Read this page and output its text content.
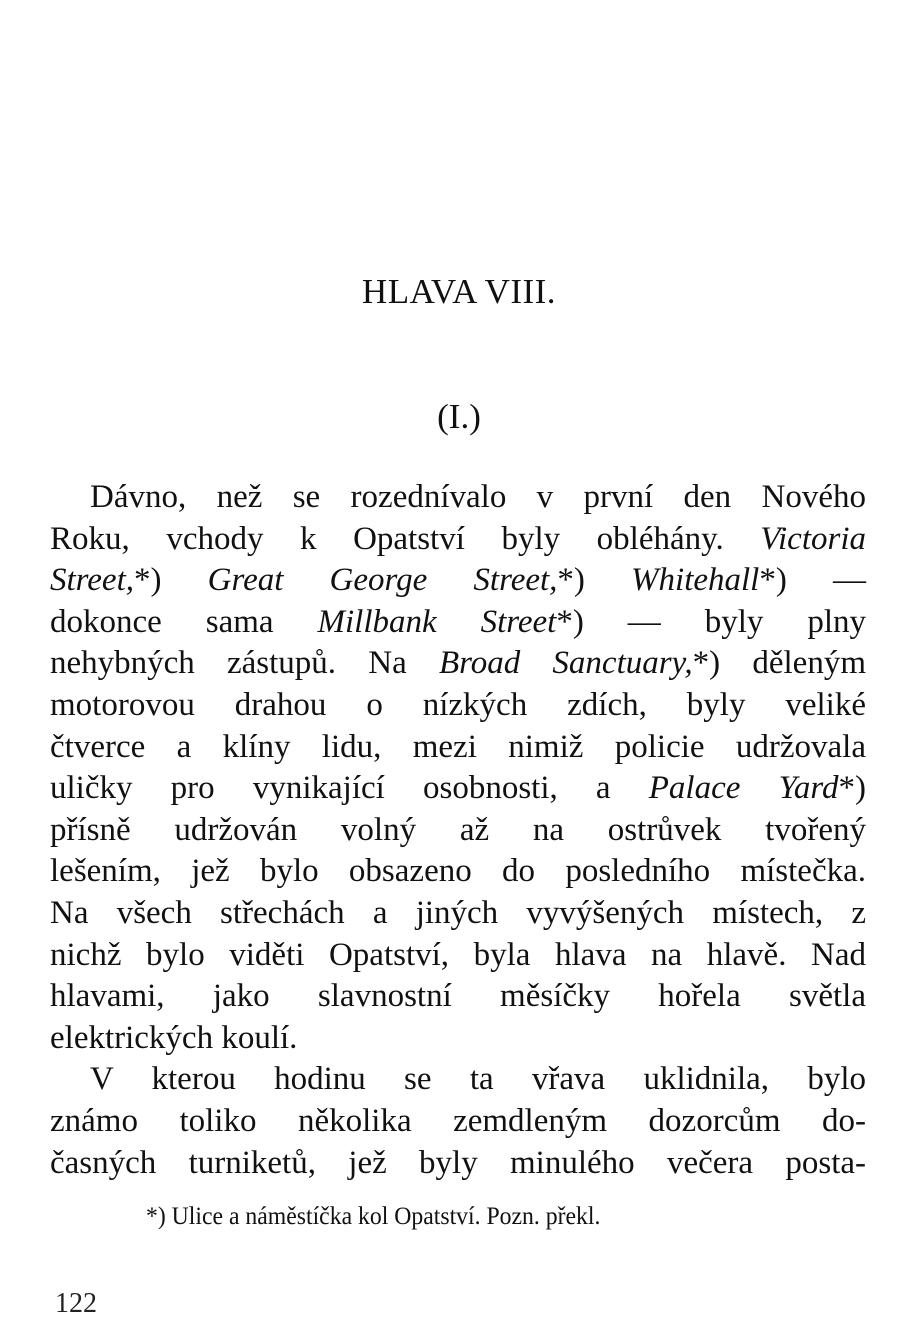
HLAVA VIII.
(I.)
Dávno, než se rozednívalo v první den Nového
Roku, vchody k Opatství byly obléhány. Victoria
Street,*) Great George Street,*) Whitehall*) —
dokonce sama Millbank Street*) — byly plny
nehybných zástupů. Na Broad Sanctuary,*) děleným
motorovou drahou o nízkých zdích, byly veliké
čtverce a klíny lidu, mezi nimiž policie udržovala
uličky pro vynikající osobnosti, a Palace Yard*)
přísně udržován volný až na ostrůvek tvořený
lešením, jež bylo obsazeno do posledního místečka.
Na všech střechách a jiných vyvýšených místech, z
nichž bylo viděti Opatství, byla hlava na hlavě. Nad
hlavami, jako slavnostní měsíčky hořela světla
elektrických koulí.
V kterou hodinu se ta vřava uklidnila, bylo
známo toliko několika zemdleným dozorcům do-
časných turniketů, jež byly minulého večera posta-
*) Ulice a náměstíčka kol Opatství. Pozn. překl.
122
